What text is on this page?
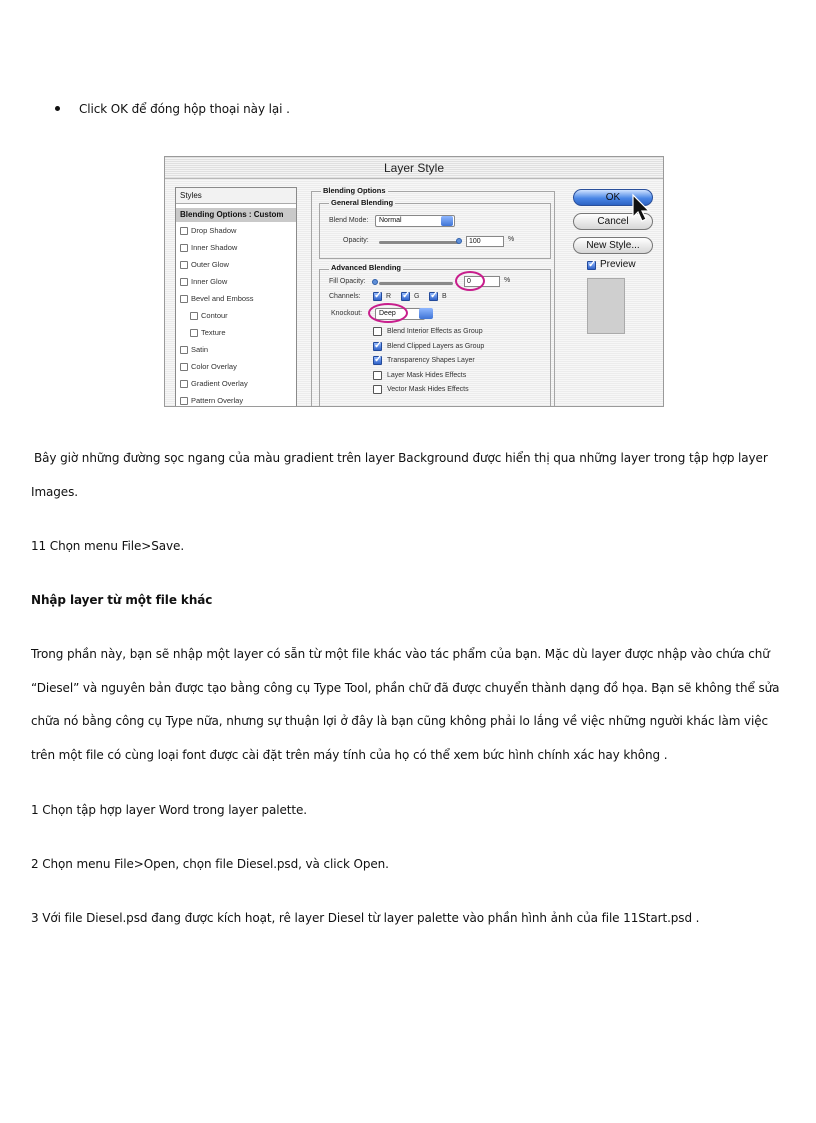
Click OK để đóng hộp thoại này lại .
Layer Style
Styles
Blending Options : Custom
Drop Shadow
Inner Shadow
Outer Glow
Inner Glow
Bevel and Emboss
Contour
Texture
Satin
Color Overlay
Gradient Overlay
Pattern Overlay
Blending Options
General Blending
Blend Mode:	Normal
Opacity:	100	%
Advanced Blending
Fill Opacity:	0	%
Channels: ✓	R ✓	G ✓	B
Knockout:	Deep
Blend Interior Effects as Group
✓
Blend Clipped Layers as Group
✓
Transparency Shapes Layer
Layer Mask Hides Effects
Vector Mask Hides Effects
OK
Cancel
New Style...
✓
Preview
Bây giờ những đường sọc ngang của màu gradient trên layer Background được hiển thị qua những layer trong tập hợp layer
Images.
11 Chọn menu File>Save.
Nhập layer từ một file khác
Trong phần này, bạn sẽ nhập một layer có sẵn từ một file khác vào tác phẩm của bạn. Mặc dù layer được nhập vào chứa chữ
“Diesel” và nguyên bản được tạo bằng công cụ Type Tool, phần chữ đã được chuyển thành dạng đồ họa. Bạn sẽ không thể sửa
chữa nó bằng công cụ Type nữa, nhưng sự thuận lợi ở đây là bạn cũng không phải lo lắng về việc những người khác làm việc
trên một file có cùng loại font được cài đặt trên máy tính của họ có thể xem bức hình chính xác hay không .
1 Chọn tập hợp layer Word trong layer palette.
2 Chọn menu File>Open, chọn file Diesel.psd, và click Open.
3 Với file Diesel.psd đang được kích hoạt, rê layer Diesel từ layer palette vào phần hình ảnh của file 11Start.psd .
